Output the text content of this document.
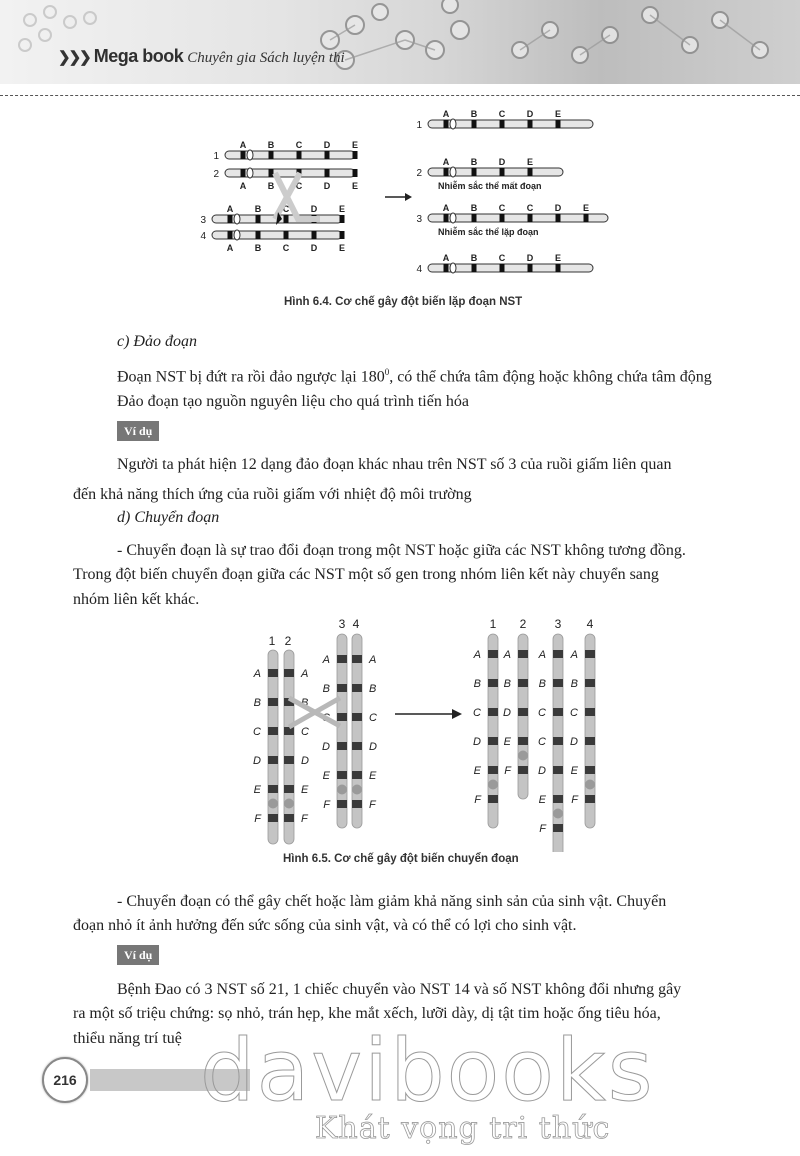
❯❯❯ Mega book Chuyên gia Sách luyện thi
1
A B C D E
2
A B C D E
3
A B C D E
4
A B C D E
1
A B C D E
2
A B D E
Nhiễm sắc thể mất đoạn
3
A B C C D E
Nhiễm sắc thể lặp đoạn
4
A B C D E
Hình 6.4. Cơ chế gây đột biến lặp đoạn NST
c) Đảo đoạn
Đoạn NST bị đứt ra rồi đảo ngược lại $180^0$, có thể chứa tâm động hoặc không chứa tâm động
Đảo đoạn tạo nguồn nguyên liệu cho quá trình tiến hóa
Ví dụ
Người ta phát hiện 12 dạng đảo đoạn khác nhau trên NST số 3 của ruồi giấm liên quan
đến khả năng thích ứng của ruồi giấm với nhiệt độ môi trường
d) Chuyển đoạn
- Chuyển đoạn là sự trao đổi đoạn trong một NST hoặc giữa các NST không tương đồng.
Trong đột biến chuyển đoạn giữa các NST một số gen trong nhóm liên kết này chuyển sang
nhóm liên kết khác.
1 2
3 4
A
B
C
D
E
F
A
B
C
D
E
F
A
B
C
D
E
F
A
B
C
D
E
F
1
A
B
C
D
E
F
2
A
B
D
E
F
3
A
B
C
C
D
E
F
4
A
B
C
D
E
F
Hình 6.5. Cơ chế gây đột biến chuyển đoạn
- Chuyển đoạn có thể gây chết hoặc làm giảm khả năng sinh sản của sinh vật. Chuyển
đoạn nhỏ ít ảnh hưởng đến sức sống của sinh vật, và có thể có lợi cho sinh vật.
Ví dụ
Bệnh Đao có 3 NST số 21, 1 chiếc chuyển vào NST 14 và số NST không đổi nhưng gây
ra một số triệu chứng: sọ nhỏ, trán hẹp, khe mắt xếch, lưỡi dày, dị tật tim hoặc ống tiêu hóa,
thiểu năng trí tuệ
216 davibooks
Khát vọng tri thức
